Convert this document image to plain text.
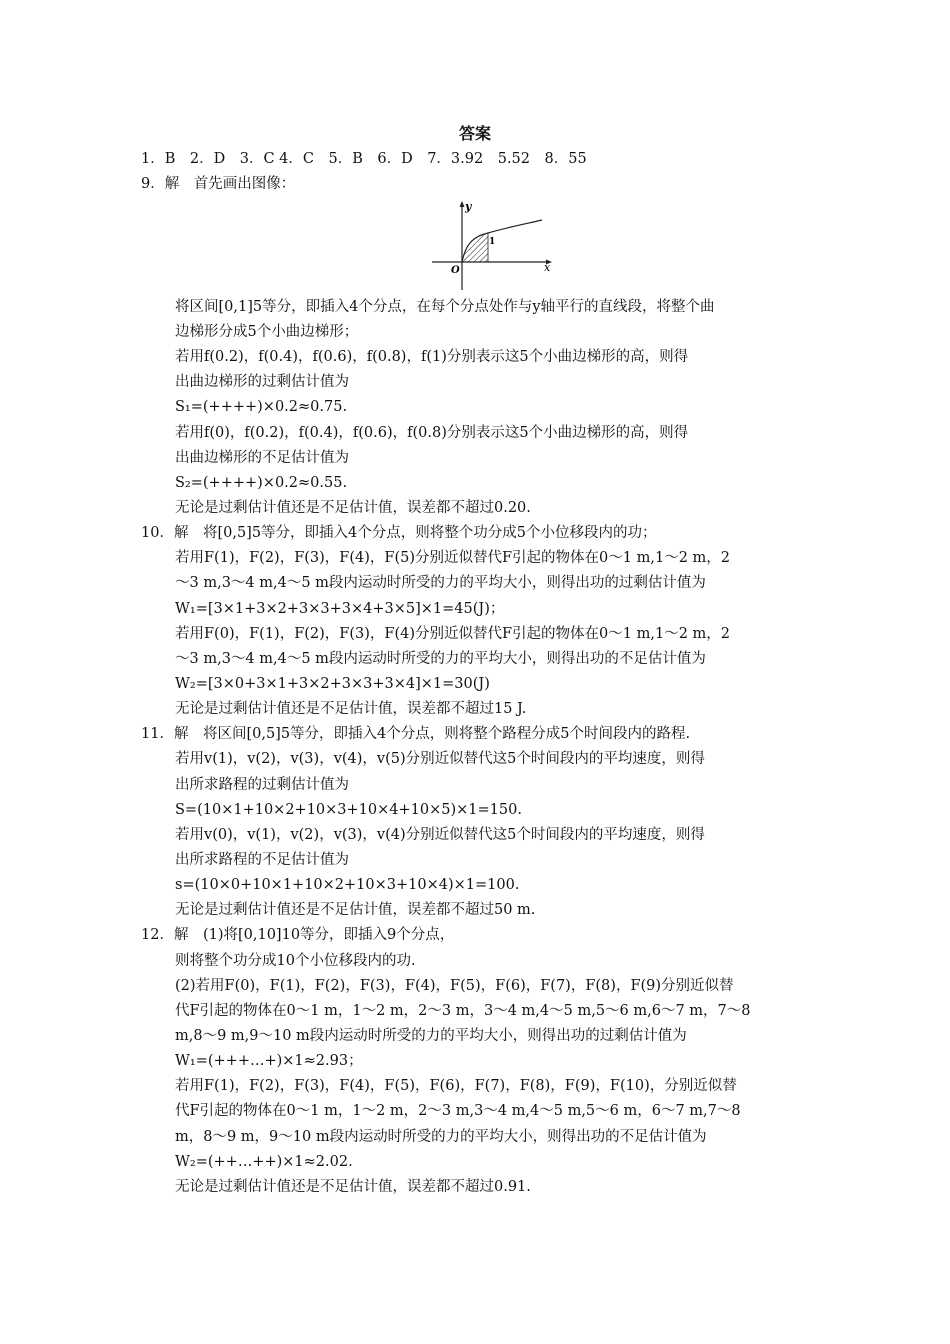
答案
1．B　2．D　3．C 4．C　5．B　6．D　7．3.92　5.52　8．55
9．解　首先画出图像：
y
x
O
1
将区间[0,1]5等分，即插入4个分点，在每个分点处作与y轴平行的直线段，将整个曲
边梯形分成5个小曲边梯形；
若用f(0.2)，f(0.4)，f(0.6)，f(0.8)，f(1)分别表示这5个小曲边梯形的高，则得
出曲边梯形的过剩估计值为
S₁=(++++)×0.2≈0.75.
若用f(0)，f(0.2)，f(0.4)，f(0.6)，f(0.8)分别表示这5个小曲边梯形的高，则得
出曲边梯形的不足估计值为
S₂=(++++)×0.2≈0.55.
无论是过剩估计值还是不足估计值，误差都不超过0.20.
10．解　将[0,5]5等分，即插入4个分点，则将整个功分成5个小位移段内的功；
若用F(1)，F(2)，F(3)，F(4)，F(5)分别近似替代F引起的物体在0～1 m,1～2 m，2
～3 m,3～4 m,4～5 m段内运动时所受的力的平均大小，则得出功的过剩估计值为
W₁=[3×1+3×2+3×3+3×4+3×5]×1=45(J)；
若用F(0)，F(1)，F(2)，F(3)，F(4)分别近似替代F引起的物体在0～1 m,1～2 m，2
～3 m,3～4 m,4～5 m段内运动时所受的力的平均大小，则得出功的不足估计值为
W₂=[3×0+3×1+3×2+3×3+3×4]×1=30(J)
无论是过剩估计值还是不足估计值，误差都不超过15 J.
11．解　将区间[0,5]5等分，即插入4个分点，则将整个路程分成5个时间段内的路程.
若用v(1)，v(2)，v(3)，v(4)，v(5)分别近似替代这5个时间段内的平均速度，则得
出所求路程的过剩估计值为
S=(10×1+10×2+10×3+10×4+10×5)×1=150.
若用v(0)，v(1)，v(2)，v(3)，v(4)分别近似替代这5个时间段内的平均速度，则得
出所求路程的不足估计值为
s=(10×0+10×1+10×2+10×3+10×4)×1=100.
无论是过剩估计值还是不足估计值，误差都不超过50 m.
12．解　(1)将[0,10]10等分，即插入9个分点，
则将整个功分成10个小位移段内的功.
(2)若用F(0)，F(1)，F(2)，F(3)，F(4)，F(5)，F(6)，F(7)，F(8)，F(9)分别近似替
代F引起的物体在0～1 m，1～2 m，2～3 m，3～4 m,4～5 m,5～6 m,6～7 m，7～8
m,8～9 m,9～10 m段内运动时所受的力的平均大小，则得出功的过剩估计值为
W₁=(+++…+)×1≈2.93；
若用F(1)，F(2)，F(3)，F(4)，F(5)，F(6)，F(7)，F(8)，F(9)，F(10)，分别近似替
代F引起的物体在0～1 m，1～2 m，2～3 m,3～4 m,4～5 m,5～6 m，6～7 m,7～8
m，8～9 m，9～10 m段内运动时所受的力的平均大小，则得出功的不足估计值为
W₂=(++…++)×1≈2.02.
无论是过剩估计值还是不足估计值，误差都不超过0.91.
